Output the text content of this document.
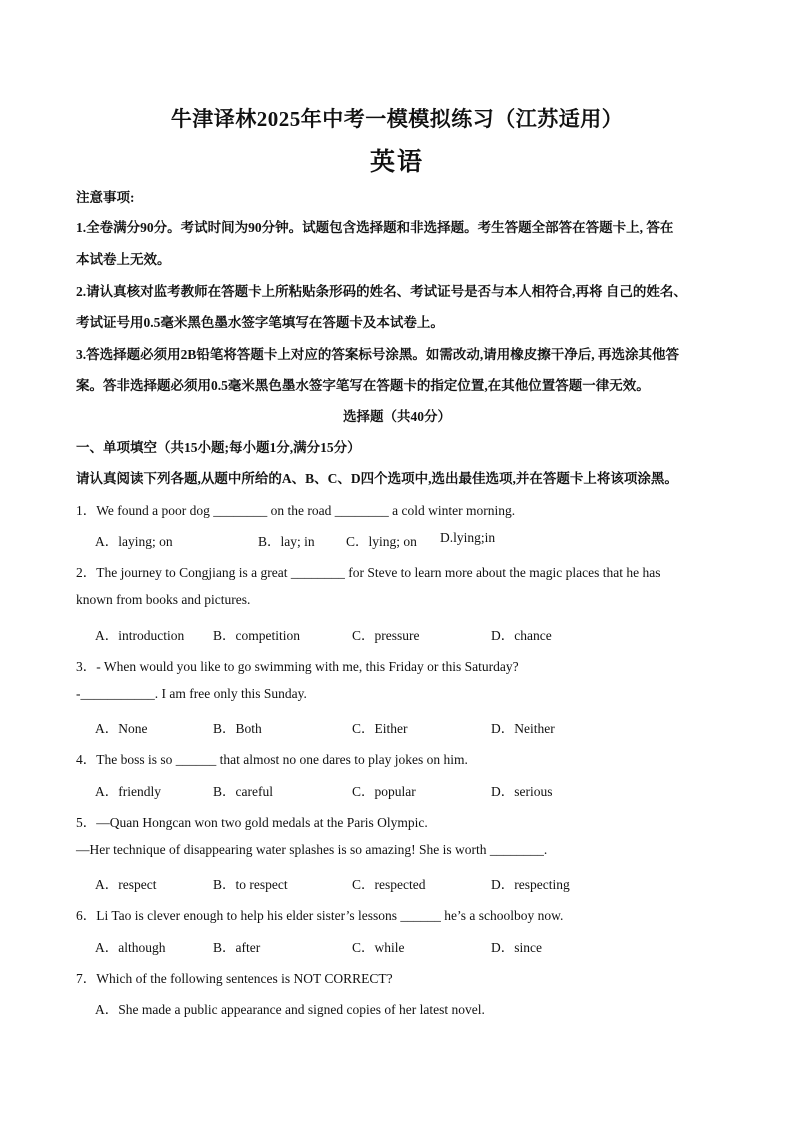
牛津译林2025年中考一模模拟练习（江苏适用）
英语
注意事项:
1.全卷满分90分。考试时间为90分钟。试题包含选择题和非选择题。考生答题全部答在答题卡上, 答在
本试卷上无效。
2.请认真核对监考教师在答题卡上所粘贴条形码的姓名、考试证号是否与本人相符合,再将 自己的姓名、
考试证号用0.5毫米黑色墨水签字笔填写在答题卡及本试卷上。
3.答选择题必须用2B铅笔将答题卡上对应的答案标号涂黑。如需改动,请用橡皮擦干净后, 再选涂其他答
案。答非选择题必须用0.5毫米黑色墨水签字笔写在答题卡的指定位置,在其他位置答题一律无效。
选择题（共40分）
一、单项填空（共15小题;每小题1分,满分15分）
请认真阅读下列各题,从题中所给的A、B、C、D四个选项中,选出最佳选项,并在答题卡上将该项涂黑。
1．We found a poor dog ________ on the road ________ a cold winter morning.
A．laying; on	B．lay; in C．lying; on D.lying;in
2．The journey to Congjiang is a great ________ for Steve to learn more about the magic places that he has
known from books and pictures.
A．introduction B．competition	C．pressure	D．chance
3．- When would you like to go swimming with me, this Friday or this Saturday?
-___________. I am free only this Sunday.
A．None	B．Both	C．Either	D．Neither
4．The boss is so ______ that almost no one dares to play jokes on him.
A．friendly	B．careful	C．popular	D．serious
5．—Quan Hongcan won two gold medals at the Paris Olympic.
—Her technique of disappearing water splashes is so amazing! She is worth ________.
A．respect	B．to respect	C．respected	D．respecting
6．Li Tao is clever enough to help his elder sister’s lessons ______ he’s a schoolboy now.
A．although	B．after	C．while	D．since
7．Which of the following sentences is NOT CORRECT?
A．She made a public appearance and signed copies of her latest novel.
